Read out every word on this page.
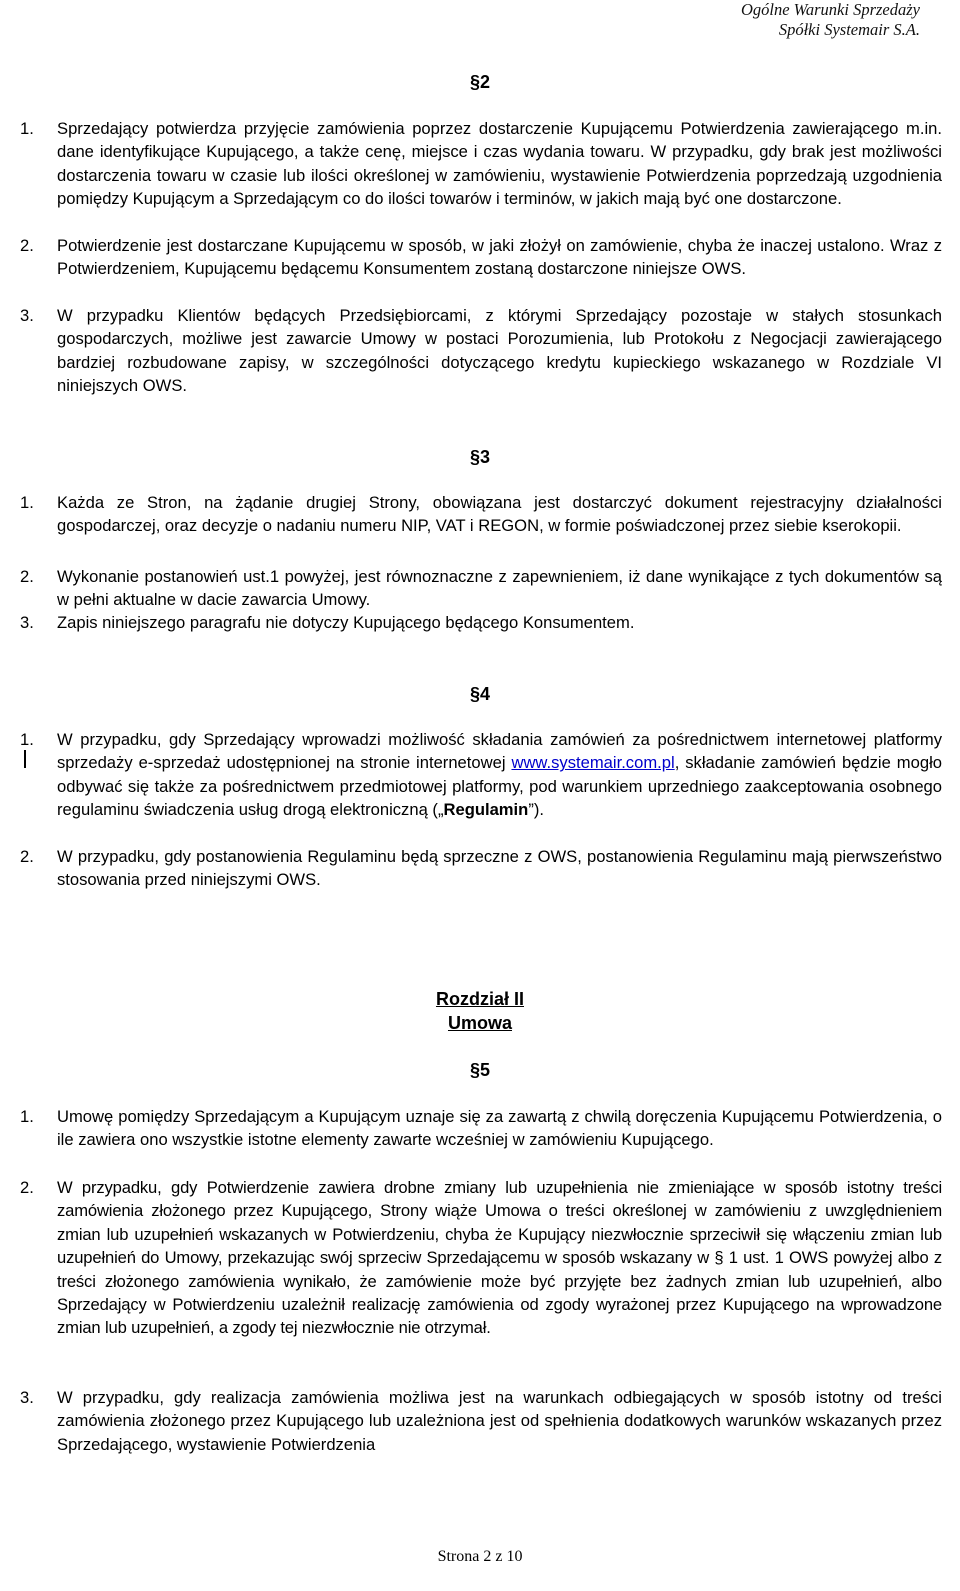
Ogólne Warunki Sprzedaży
Spółki Systemair S.A.
§2
1.	Sprzedający potwierdza przyjęcie zamówienia poprzez dostarczenie Kupującemu Potwierdzenia zawierającego m.in. dane identyfikujące Kupującego, a także cenę, miejsce i czas wydania towaru. W przypadku, gdy brak jest możliwości dostarczenia towaru w czasie lub ilości określonej w zamówieniu, wystawienie Potwierdzenia poprzedzają uzgodnienia pomiędzy Kupującym a Sprzedającym co do ilości towarów i terminów, w jakich mają być one dostarczone.
2.	Potwierdzenie jest dostarczane Kupującemu w sposób, w jaki złożył on zamówienie, chyba że inaczej ustalono. Wraz z Potwierdzeniem, Kupującemu będącemu Konsumentem zostaną dostarczone niniejsze OWS.
3.	W przypadku Klientów będących Przedsiębiorcami, z którymi Sprzedający pozostaje w stałych stosunkach gospodarczych, możliwe jest zawarcie Umowy w postaci Porozumienia, lub Protokołu z Negocjacji zawierającego bardziej rozbudowane zapisy, w szczególności dotyczącego kredytu kupieckiego wskazanego w Rozdziale VI niniejszych OWS.
§3
1.	Każda ze Stron, na żądanie drugiej Strony, obowiązana jest dostarczyć dokument rejestracyjny działalności gospodarczej, oraz decyzje o nadaniu numeru NIP, VAT i REGON, w formie poświadczonej przez siebie kserokopii.
2.	Wykonanie postanowień ust.1 powyżej, jest równoznaczne z zapewnieniem, iż dane wynikające z tych dokumentów są w pełni aktualne w dacie zawarcia Umowy.
3.	Zapis niniejszego paragrafu nie dotyczy Kupującego będącego Konsumentem.
§4
1.	W przypadku, gdy Sprzedający wprowadzi możliwość składania zamówień za pośrednictwem internetowej platformy sprzedaży e-sprzedaż udostępnionej na stronie internetowej www.systemair.com.pl, składanie zamówień będzie mogło odbywać się także za pośrednictwem przedmiotowej platformy, pod warunkiem uprzedniego zaakceptowania osobnego regulaminu świadczenia usług drogą elektroniczną („Regulamin”).
2.	W przypadku, gdy postanowienia Regulaminu będą sprzeczne z OWS, postanowienia Regulaminu mają pierwszeństwo stosowania przed niniejszymi OWS.
Rozdział II
Umowa
§5
1.	Umowę pomiędzy Sprzedającym a Kupującym uznaje się za zawartą z chwilą doręczenia Kupującemu Potwierdzenia, o ile zawiera ono wszystkie istotne elementy zawarte wcześniej w zamówieniu Kupującego.
2.	W przypadku, gdy Potwierdzenie zawiera drobne zmiany lub uzupełnienia nie zmieniające w sposób istotny treści zamówienia złożonego przez Kupującego, Strony wiąże Umowa o treści określonej w zamówieniu z uwzględnieniem zmian lub uzupełnień wskazanych w Potwierdzeniu, chyba że Kupujący niezwłocznie sprzeciwił się włączeniu zmian lub uzupełnień do Umowy, przekazując swój sprzeciw Sprzedającemu w sposób wskazany w § 1 ust. 1 OWS powyżej albo z treści złożonego zamówienia wynikało, że zamówienie może być przyjęte bez żadnych zmian lub uzupełnień, albo Sprzedający w Potwierdzeniu uzależnił realizację zamówienia od zgody wyrażonej przez Kupującego na wprowadzone zmian lub uzupełnień, a zgody tej niezwłocznie nie otrzymał.
3.	W przypadku, gdy realizacja zamówienia możliwa jest na warunkach odbiegających w sposób istotny od treści zamówienia złożonego przez Kupującego lub uzależniona jest od spełnienia dodatkowych warunków wskazanych przez Sprzedającego, wystawienie Potwierdzenia
Strona 2 z 10
